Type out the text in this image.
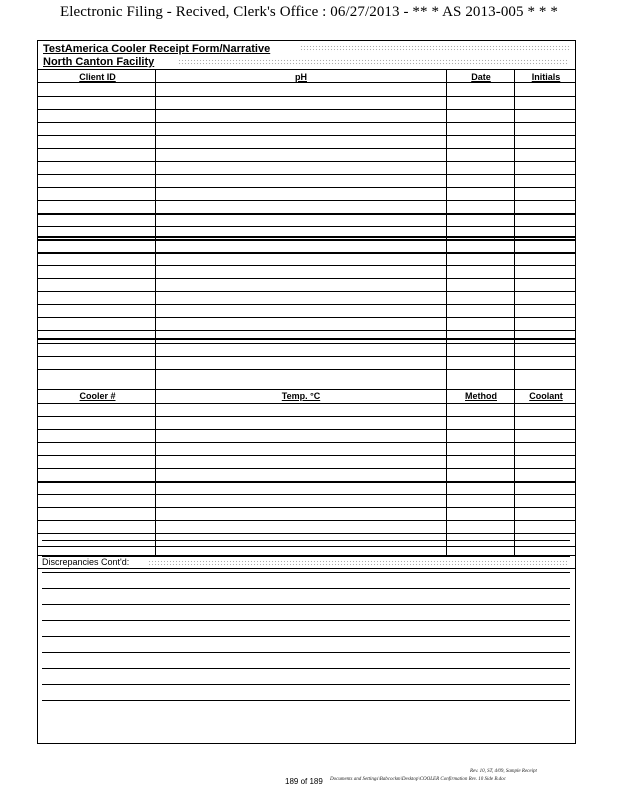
Electronic Filing - Recived, Clerk's Office : 06/27/2013 - ** * AS 2013-005 * * *
TestAmerica Cooler Receipt Form/Narrative
North Canton Facility
Client ID	pH	Date	Initials
Cooler #	Temp. °C	Method	Coolant
Discrepancies Cont'd:
189 of 189
Rev. 10, ST, 4/09, Sample Receipt
Documents and Settings\Babcockm\Desktop\COOLER Confirmation Rev. 10 Side B.doc
